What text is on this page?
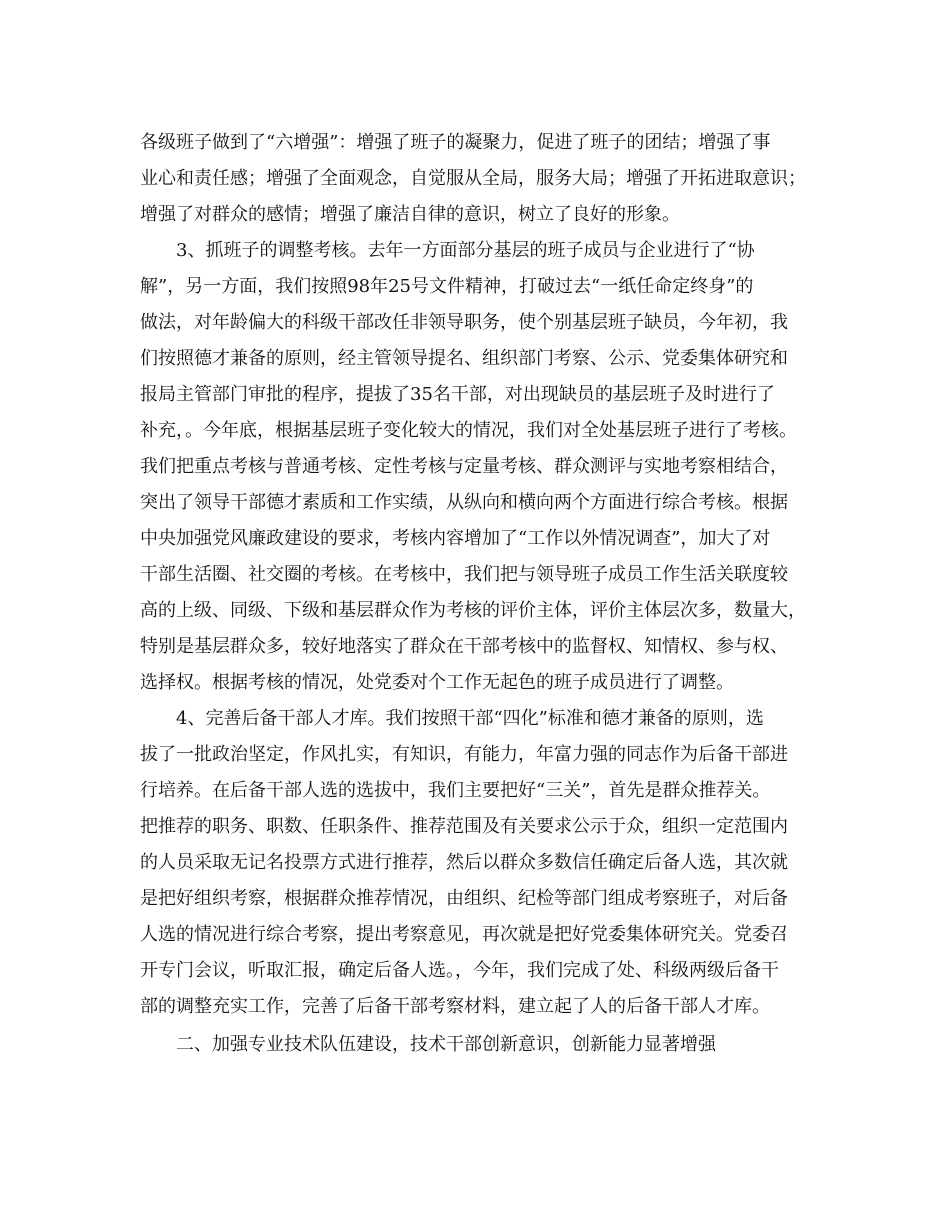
各级班子做到了“六增强”：增强了班子的凝聚力，促进了班子的团结；增强了事
业心和责任感；增强了全面观念，自觉服从全局，服务大局；增强了开拓进取意识；
增强了对群众的感情；增强了廉洁自律的意识，树立了良好的形象。
3、抓班子的调整考核。去年一方面部分基层的班子成员与企业进行了“协
解”，另一方面，我们按照98年25号文件精神，打破过去“一纸任命定终身”的
做法，对年龄偏大的科级干部改任非领导职务，使个别基层班子缺员，今年初，我
们按照德才兼备的原则，经主管领导提名、组织部门考察、公示、党委集体研究和
报局主管部门审批的程序，提拔了35名干部，对出现缺员的基层班子及时进行了
补充，。今年底，根据基层班子变化较大的情况，我们对全处基层班子进行了考核。
我们把重点考核与普通考核、定性考核与定量考核、群众测评与实地考察相结合，
突出了领导干部德才素质和工作实绩，从纵向和横向两个方面进行综合考核。根据
中央加强党风廉政建设的要求，考核内容增加了“工作以外情况调查”，加大了对
干部生活圈、社交圈的考核。在考核中，我们把与领导班子成员工作生活关联度较
高的上级、同级、下级和基层群众作为考核的评价主体，评价主体层次多，数量大，
特别是基层群众多，较好地落实了群众在干部考核中的监督权、知情权、参与权、
选择权。根据考核的情况，处党委对个工作无起色的班子成员进行了调整。
4、完善后备干部人才库。我们按照干部“四化”标准和德才兼备的原则，选
拔了一批政治坚定，作风扎实，有知识，有能力，年富力强的同志作为后备干部进
行培养。在后备干部人选的选拔中，我们主要把好“三关”，首先是群众推荐关。
把推荐的职务、职数、任职条件、推荐范围及有关要求公示于众，组织一定范围内
的人员采取无记名投票方式进行推荐，然后以群众多数信任确定后备人选，其次就
是把好组织考察，根据群众推荐情况，由组织、纪检等部门组成考察班子，对后备
人选的情况进行综合考察，提出考察意见，再次就是把好党委集体研究关。党委召
开专门会议，听取汇报，确定后备人选。，今年，我们完成了处、科级两级后备干
部的调整充实工作，完善了后备干部考察材料，建立起了人的后备干部人才库。
二、加强专业技术队伍建设，技术干部创新意识，创新能力显著增强
